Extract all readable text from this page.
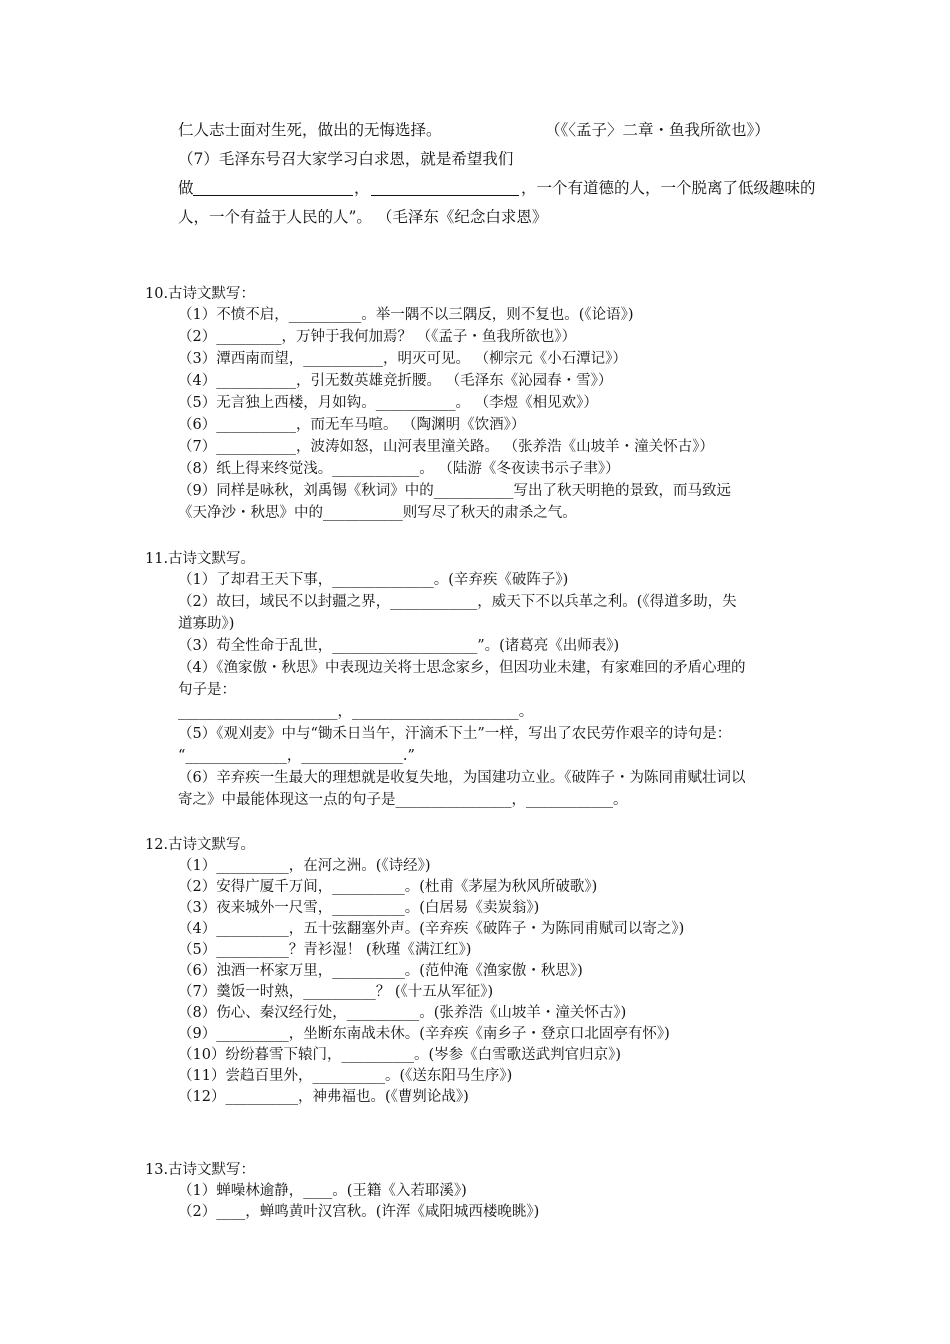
仁人志士面对生死，做出的无悔选择。	（《〈孟子〉二章・鱼我所欲也》）
（7）毛泽东号召大家学习白求恩，就是希望我们
做	，	，一个有道德的人，一个脱离了低级趣味的
人，一个有益于人民的人”。 （毛泽东《纪念白求恩》
10.古诗文默写：
（1）不愤不启，__________。举一隅不以三隅反，则不复也。(《论语》)
（2）_________，万钟于我何加焉？ （《孟子・鱼我所欲也》）
（3）潭西南而望，___________，明灭可见。 （柳宗元《小石潭记》）
（4）___________，引无数英雄竞折腰。 （毛泽东《沁园春・雪》）
（5）无言独上西楼，月如钩。___________。 （李煜《相见欢》）
（6）___________，而无车马喧。 （陶渊明《饮酒》）
（7）___________，波涛如怒，山河表里潼关路。 （张养浩《山坡羊・潼关怀古》）
（8）纸上得来终觉浅。____________。 （陆游《冬夜读书示子聿》）
（9）同样是咏秋，刘禹锡《秋词》中的___________写出了秋天明艳的景致，而马致远
《天净沙・秋思》中的___________则写尽了秋天的肃杀之气。
11.古诗文默写。
（1）了却君王天下事，______________。(辛弃疾《破阵子》)
（2）故曰，域民不以封疆之界，____________，威天下不以兵革之利。(《得道多助，失
道寡助》)
（3）苟全性命于乱世，____________________”。(诸葛亮《出师表》)
（4）《渔家傲・秋思》中表现边关将士思念家乡，但因功业未建，有家难回的矛盾心理的
句子是：
______________________，_______________________。
（5）《观刈麦》中与“锄禾日当午，汗滴禾下土”一样，写出了农民劳作艰辛的诗句是：
“______________，______________.”
（6）辛弃疾一生最大的理想就是收复失地，为国建功立业。《破阵子・为陈同甫赋壮词以
寄之》中最能体现这一点的句子是________________，____________。
12.古诗文默写。
（1）__________，在河之洲。(《诗经》)
（2）安得广厦千万间，__________。(杜甫《茅屋为秋风所破歌》)
（3）夜来城外一尺雪，__________。(白居易《卖炭翁》)
（4）__________，五十弦翻塞外声。(辛弃疾《破阵子・为陈同甫赋司以寄之》)
（5）__________？青衫湿！ (秋瑾《满江红》)
（6）浊酒一杯家万里，__________。(范仲淹《渔家傲・秋思》)
（7）羹饭一时熟，__________？ (《十五从军征》)
（8）伤心、秦汉经行处，__________。(张养浩《山坡羊・潼关怀古》)
（9）__________，坐断东南战未休。(辛弃疾《南乡子・登京口北固亭有怀》)
（10）纷纷暮雪下辕门，__________。(岑参《白雪歌送武判官归京》)
（11）尝趋百里外，__________。(《送东阳马生序》)
（12）__________，神弗福也。(《曹刿论战》)
13.古诗文默写：
（1）蝉噪林逾静，____。(王籍《入若耶溪》)
（2）____，蝉鸣黄叶汉宫秋。(许浑《咸阳城西楼晚眺》)
